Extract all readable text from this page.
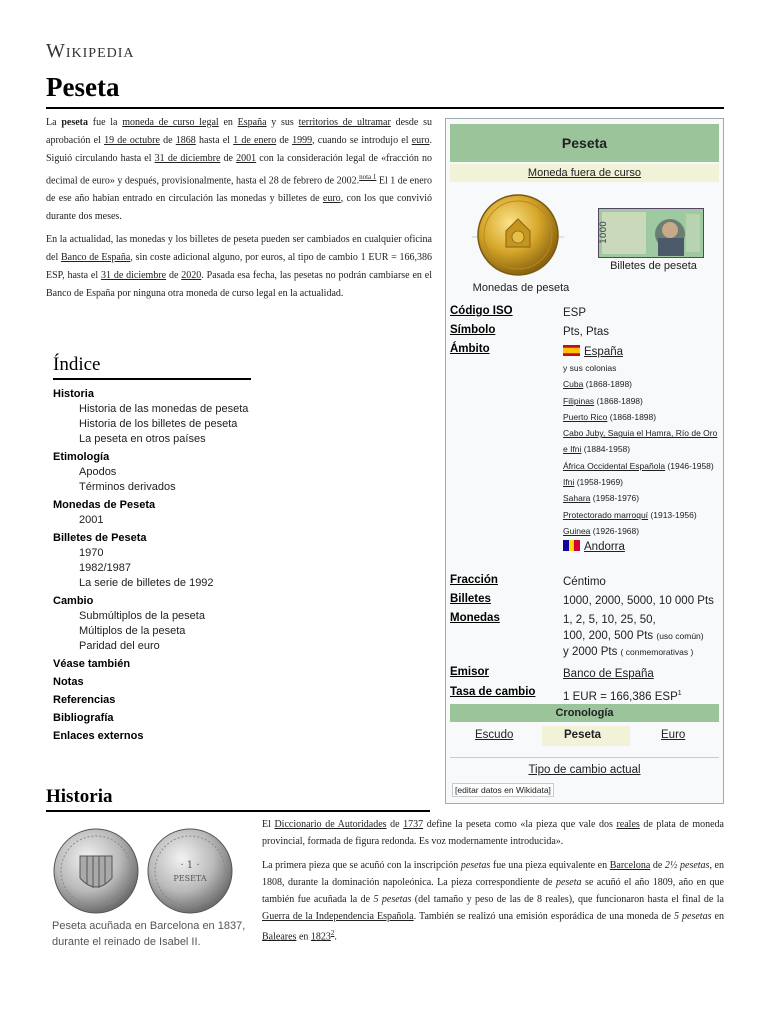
Wikipedia
Peseta

La peseta fue la moneda de curso legal en España y sus territorios de ultramar desde su aprobación el 19 de octubre de 1868 hasta el 1 de enero de 1999, cuando se introdujo el euro. Siguió circulando hasta el 31 de diciembre de 2001 con la consideración legal de «fracción no decimal de euro» y después, provisionalmente, hasta el 28 de febrero de 2002.$^{nota 1}$ El 1 de enero de ese año habían entrado en circulación las monedas y billetes de euro, con los que convivió durante dos meses.

En la actualidad, las monedas y los billetes de peseta pueden ser cambiados en cualquier oficina del Banco de España, sin coste adicional alguno, por euros, al tipo de cambio 1 EUR = 166,386 ESP, hasta el 31 de diciembre de 2020. Pasada esa fecha, las pesetas no podrán cambiarse en el Banco de España por ninguna otra moneda de curso legal en la actualidad.

Índice
Historia
Historia de las monedas de peseta
Historia de los billetes de peseta
La peseta en otros países
Etimología
Apodos
Términos derivados
Monedas de Peseta
2001
Billetes de Peseta
1970
1982/1987
La serie de billetes de 1992
Cambio
Submúltiplos de la peseta
Múltiplos de la peseta
Paridad del euro
Véase también
Notas
Referencias
Bibliografía
Enlaces externos
Peseta
Moneda fuera de curso
1000
Monedas de peseta
Billetes de peseta
Código ISO	ESP
Símbolo	Pts, Ptas
Ámbito	España
y sus colonias
Cuba (1868-1898)
Filipinas (1868-1898)
Puerto Rico (1868-1898)
Cabo Juby, Saguia el Hamra, Río de Oro e Ifni (1884-1958)
África Occidental Española (1946-1958)
Ifni (1958-1969)
Sahara (1958-1976)
Protectorado marroquí (1913-1956)
Guinea (1926-1968)
Andorra
Fracción	Céntimo
Billetes	1000, 2000, 5000, 10 000 Pts
Monedas	1, 2, 5, 10, 25, 50,
100, 200, 500 Pts (uso común)
y 2000 Pts ( conmemorativas )
Emisor	Banco de España
Tasa de cambio 1 EUR = 166,386 ESP$^1$
Cronología
Escudo	Peseta	Euro
Tipo de cambio actual
[editar datos en Wikidata]
Historia
· 1 ·
PESETA
Peseta acuñada en Barcelona en 1837, durante el reinado de Isabel II.

El Diccionario de Autoridades de 1737 define la peseta como «la pieza que vale dos reales de plata de moneda provincial, formada de figura redonda. Es voz modernamente introducida».

La primera pieza que se acuñó con la inscripción pesetas fue una pieza equivalente en Barcelona de 2½ pesetas, en 1808, durante la dominación napoleónica. La pieza correspondiente de peseta se acuñó el año 1809, año en que también fue acuñada la de 5 pesetas (del tamaño y peso de las de 8 reales), que funcionaron hasta el final de la Guerra de la Independencia Española. También se realizó una emisión esporádica de una moneda de 5 pesetas en Baleares en 1823$^2$.
